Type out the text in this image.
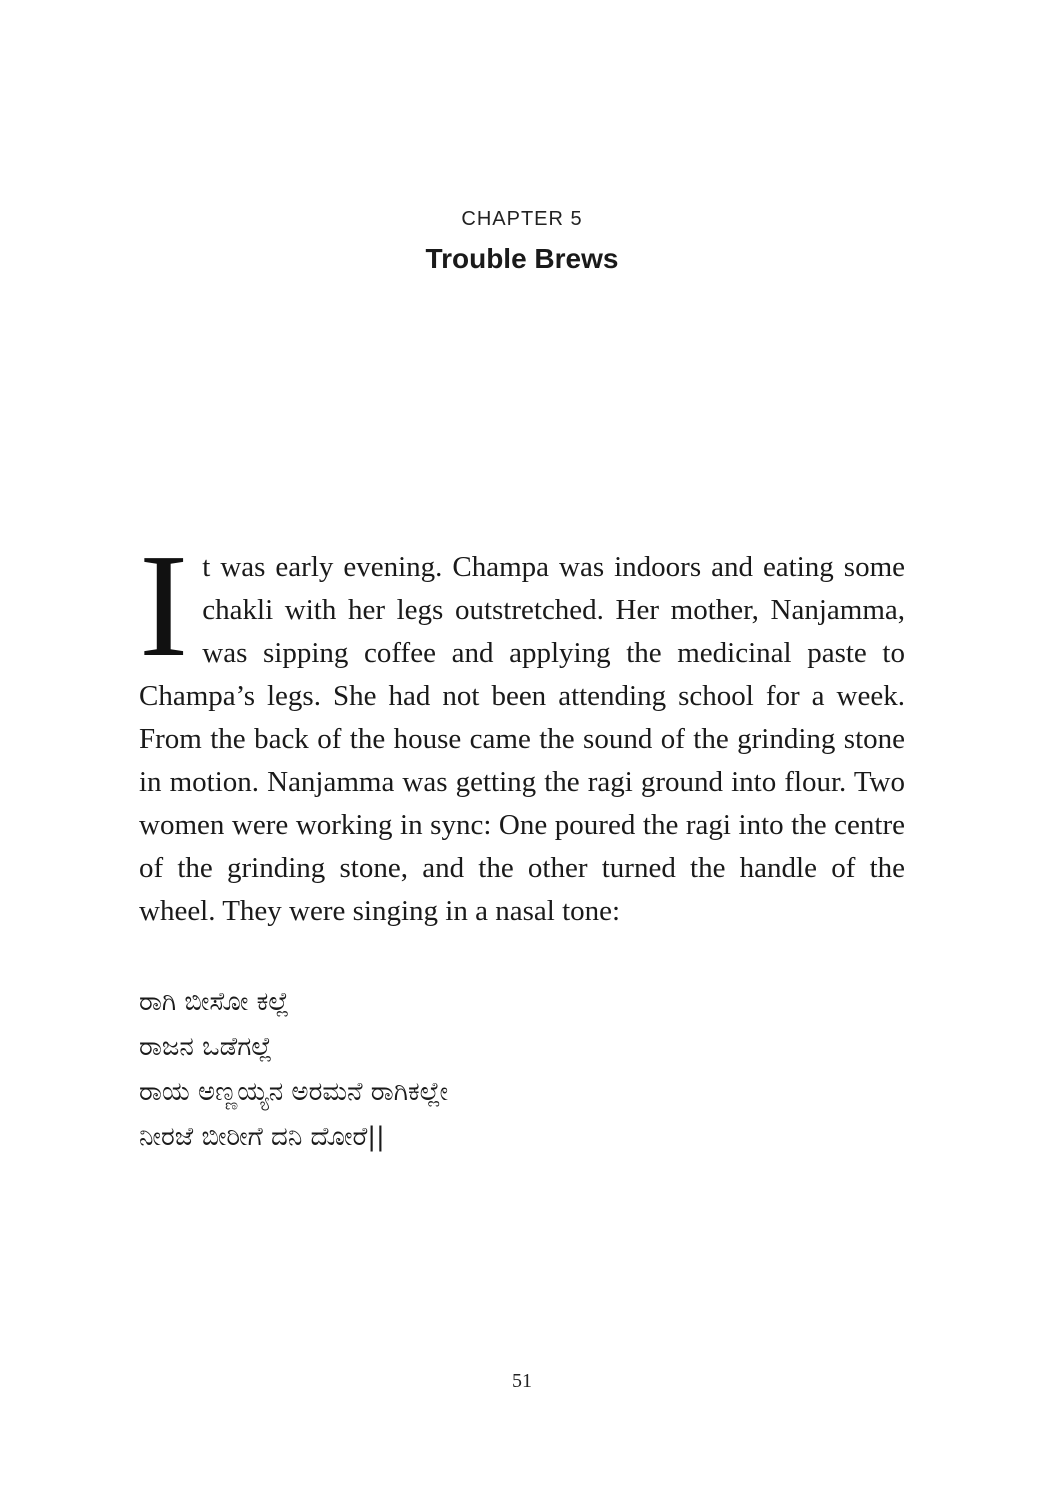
CHAPTER 5
Trouble Brews
I t was early evening. Champa was indoors and eating some chakli with her legs outstretched. Her mother, Nanjamma, was sipping coffee and applying the medicinal paste to Champa’s legs. She had not been attending school for a week. From the back of the house came the sound of the grinding stone in motion. Nanjamma was getting the ragi ground into flour. Two women were working in sync: One poured the ragi into the centre of the grinding stone, and the other turned the handle of the wheel. They were singing in a nasal tone:
ರಾಗಿ ಬೀಸೋ ಕಲ್ಲೆ
ರಾಜನ ಒಡೆಗಲ್ಲೆ
ರಾಯ ಅಣ್ಣಯ್ಯನ ಅರಮನೆ ರಾಗಿಕಲ್ಲೇ
ನೀರಜೆ ಬೀರೀಗೆ ದನಿ ದೋರೆ||
51
